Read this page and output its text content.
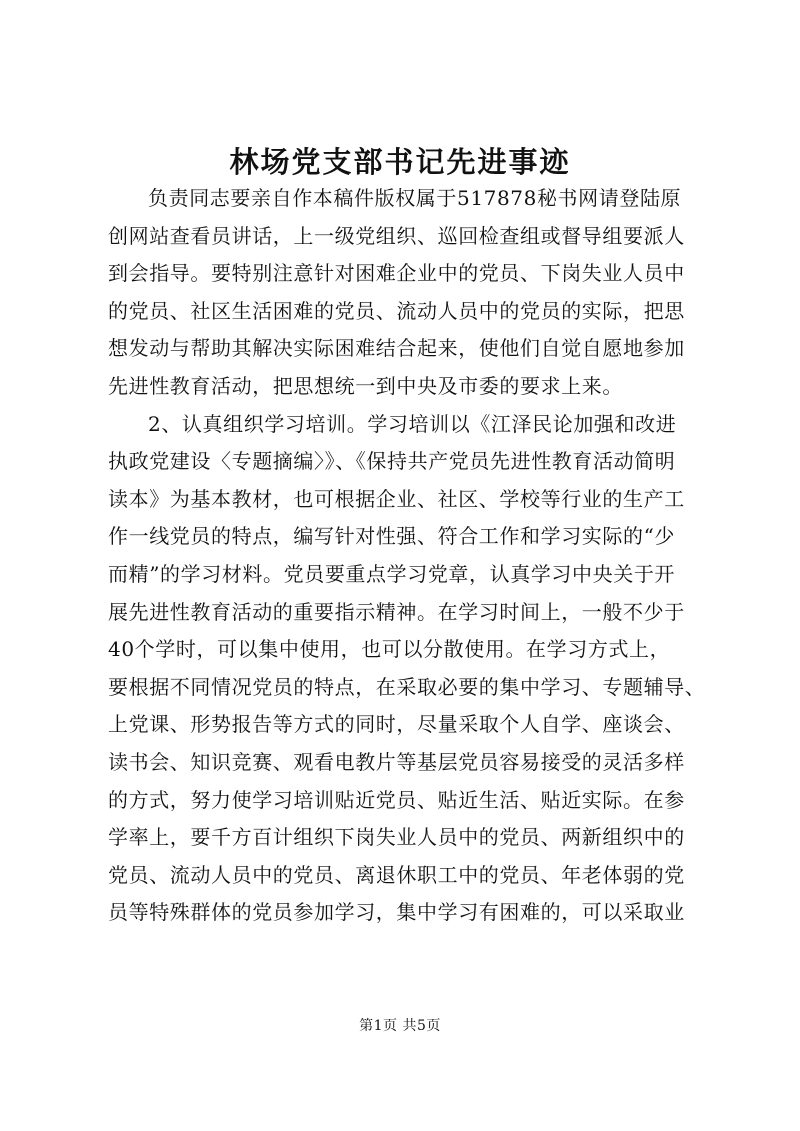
林场党支部书记先进事迹
负责同志要亲自作本稿件版权属于517878秘书网请登陆原
创网站查看员讲话，上一级党组织、巡回检查组或督导组要派人
到会指导。要特别注意针对困难企业中的党员、下岗失业人员中
的党员、社区生活困难的党员、流动人员中的党员的实际，把思
想发动与帮助其解决实际困难结合起来，使他们自觉自愿地参加
先进性教育活动，把思想统一到中央及市委的要求上来。
2、认真组织学习培训。学习培训以《江泽民论加强和改进
执政党建设〈专题摘编〉》、《保持共产党员先进性教育活动简明
读本》为基本教材，也可根据企业、社区、学校等行业的生产工
作一线党员的特点，编写针对性强、符合工作和学习实际的“少
而精”的学习材料。党员要重点学习党章，认真学习中央关于开
展先进性教育活动的重要指示精神。在学习时间上，一般不少于
40个学时，可以集中使用，也可以分散使用。在学习方式上，
要根据不同情况党员的特点，在采取必要的集中学习、专题辅导、
上党课、形势报告等方式的同时，尽量采取个人自学、座谈会、
读书会、知识竞赛、观看电教片等基层党员容易接受的灵活多样
的方式，努力使学习培训贴近党员、贴近生活、贴近实际。在参
学率上，要千方百计组织下岗失业人员中的党员、两新组织中的
党员、流动人员中的党员、离退休职工中的党员、年老体弱的党
员等特殊群体的党员参加学习，集中学习有困难的，可以采取业
第1页 共5页
